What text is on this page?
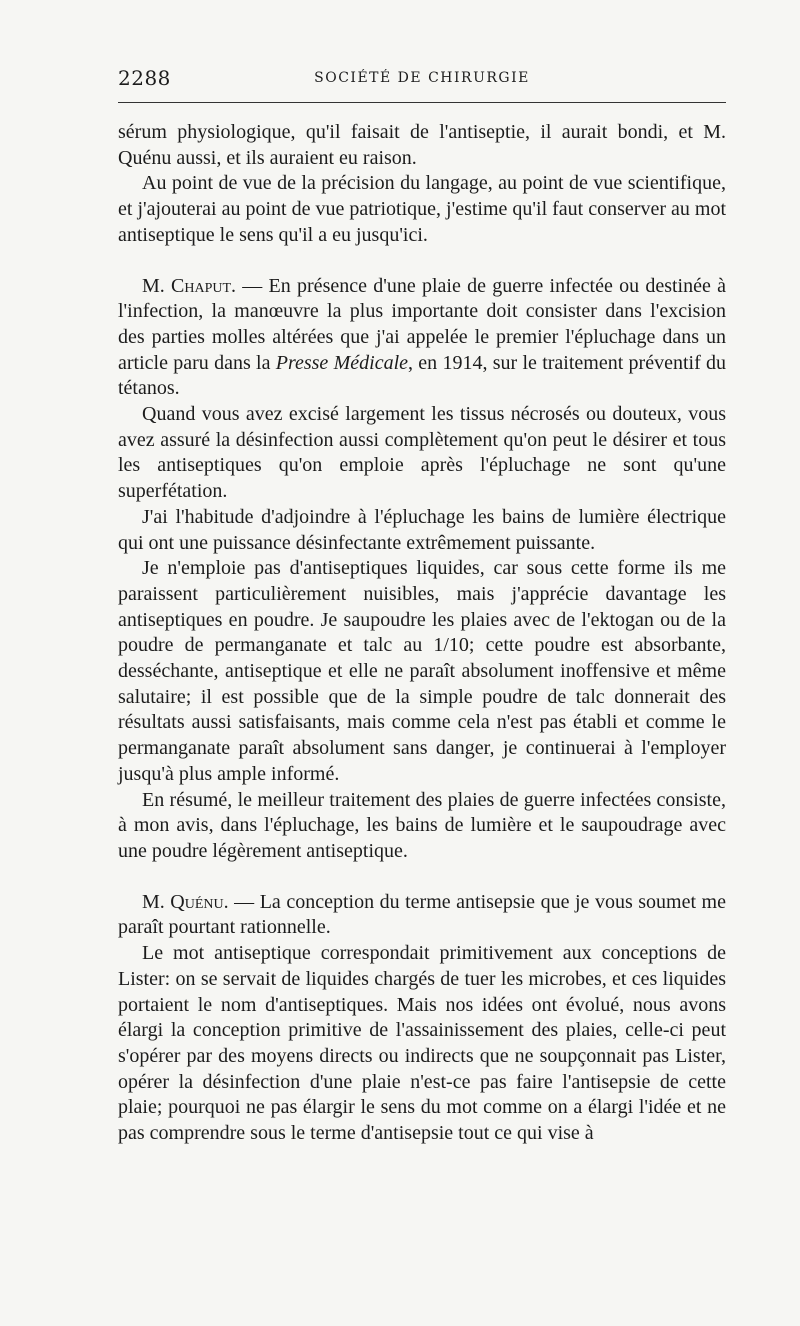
2288	SOCIÉTÉ DE CHIRURGIE

sérum physiologique, qu'il faisait de l'antiseptie, il aurait bondi, et M. Quénu aussi, et ils auraient eu raison.

Au point de vue de la précision du langage, au point de vue scientifique, et j'ajouterai au point de vue patriotique, j'estime qu'il faut conserver au mot antiseptique le sens qu'il a eu jusqu'ici.

M. Chaput. — En présence d'une plaie de guerre infectée ou destinée à l'infection, la manœuvre la plus importante doit consister dans l'excision des parties molles altérées que j'ai appelée le premier l'épluchage dans un article paru dans la Presse Médicale, en 1914, sur le traitement préventif du tétanos.

Quand vous avez excisé largement les tissus nécrosés ou douteux, vous avez assuré la désinfection aussi complètement qu'on peut le désirer et tous les antiseptiques qu'on emploie après l'épluchage ne sont qu'une superfétation.

J'ai l'habitude d'adjoindre à l'épluchage les bains de lumière électrique qui ont une puissance désinfectante extrêmement puissante.

Je n'emploie pas d'antiseptiques liquides, car sous cette forme ils me paraissent particulièrement nuisibles, mais j'apprécie davantage les antiseptiques en poudre. Je saupoudre les plaies avec de l'ektogan ou de la poudre de permanganate et talc au 1/10; cette poudre est absorbante, desséchante, antiseptique et elle ne paraît absolument inoffensive et même salutaire; il est possible que de la simple poudre de talc donnerait des résultats aussi satisfaisants, mais comme cela n'est pas établi et comme le permanganate paraît absolument sans danger, je continuerai à l'employer jusqu'à plus ample informé.

En résumé, le meilleur traitement des plaies de guerre infectées consiste, à mon avis, dans l'épluchage, les bains de lumière et le saupoudrage avec une poudre légèrement antiseptique.

M. Quénu. — La conception du terme antisepsie que je vous soumet me paraît pourtant rationnelle.

Le mot antiseptique correspondait primitivement aux conceptions de Lister: on se servait de liquides chargés de tuer les microbes, et ces liquides portaient le nom d'antiseptiques. Mais nos idées ont évolué, nous avons élargi la conception primitive de l'assainissement des plaies, celle-ci peut s'opérer par des moyens directs ou indirects que ne soupçonnait pas Lister, opérer la désinfection d'une plaie n'est-ce pas faire l'antisepsie de cette plaie; pourquoi ne pas élargir le sens du mot comme on a élargi l'idée et ne pas comprendre sous le terme d'antisepsie tout ce qui vise à
